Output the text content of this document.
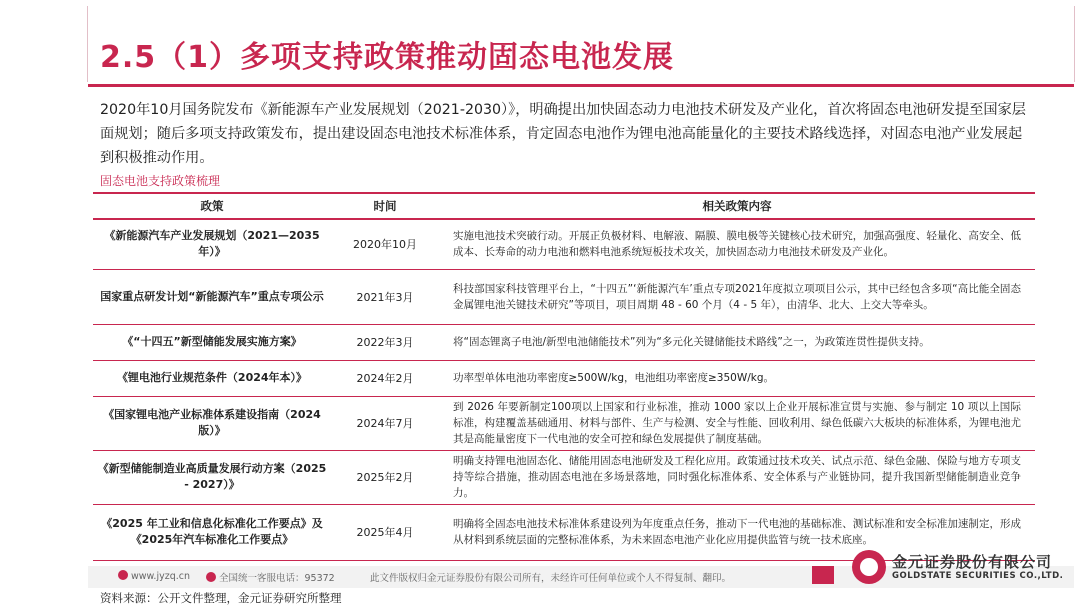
2.5（1）多项支持政策推动固态电池发展
2020年10月国务院发布《新能源车产业发展规划（2021-2030）》，明确提出加快固态动力电池技术研发及产业化，首次将固态电池研发提至国家层面规划；随后多项支持政策发布，提出建设固态电池技术标准体系，肯定固态电池作为锂电池高能量化的主要技术路线选择，对固态电池产业发展起到积极推动作用。
固态电池支持政策梳理
政策	时间	相关政策内容
《新能源汽车产业发展规划（2021—2035年）》	2020年10月	实施电池技术突破行动。开展正负极材料、电解液、隔膜、膜电极等关键核心技术研究，加强高强度、轻量化、高安全、低成本、长寿命的动力电池和燃料电池系统短板技术攻关，加快固态动力电池技术研发及产业化。
国家重点研发计划“新能源汽车”重点专项公示	2021年3月	科技部国家科技管理平台上，“十四五”‘新能源汽车’重点专项2021年度拟立项项目公示，其中已经包含多项“高比能全固态金属锂电池关键技术研究”等项目，项目周期 48 - 60 个月（4 - 5 年），由清华、北大、上交大等牵头。
《“十四五”新型储能发展实施方案》	2022年3月	将“固态锂离子电池/新型电池储能技术”列为“多元化关键储能技术路线”之一，为政策连贯性提供支持。
《锂电池行业规范条件（2024年本）》	2024年2月	功率型单体电池功率密度≥500W/kg，电池组功率密度≥350W/kg。
《国家锂电池产业标准体系建设指南（2024版）》	2024年7月	到 2026 年要新制定100项以上国家和行业标准，推动 1000 家以上企业开展标准宣贯与实施、参与制定 10 项以上国际标准，构建覆盖基础通用、材料与部件、生产与检测、安全与性能、回收利用、绿色低碳六大板块的标准体系，为锂电池尤其是高能量密度下一代电池的安全可控和绿色发展提供了制度基础。
《新型储能制造业高质量发展行动方案（2025 - 2027）》	2025年2月	明确支持锂电池固态化、储能用固态电池研发及工程化应用。政策通过技术攻关、试点示范、绿色金融、保险与地方专项支持等综合措施，推动固态电池在多场景落地，同时强化标准体系、安全体系与产业链协同，提升我国新型储能制造业竞争力。
《2025 年工业和信息化标准化工作要点》及《2025年汽车标准化工作要点》	2025年4月	明确将全固态电池技术标准体系建设列为年度重点任务，推动下一代电池的基础标准、测试标准和安全标准加速制定，形成从材料到系统层面的完整标准体系，为未来固态电池产业化应用提供监管与统一技术底座。
www.jyzq.cn	全国统一客服电话：95372	此文件版权归金元证券股份有限公司所有，未经许可任何单位或个人不得复制、翻印。
金元证券股份有限公司
GOLDSTATE SECURITIES CO.,LTD.
资料来源：公开文件整理，金元证券研究所整理
